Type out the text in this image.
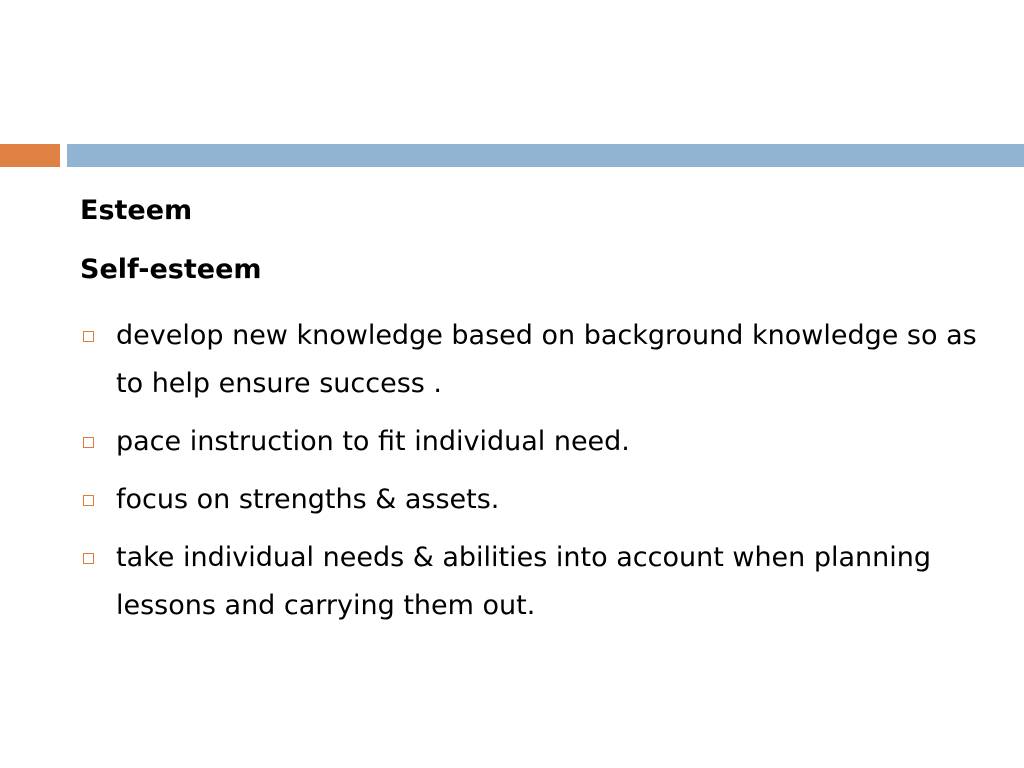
Esteem
Self-esteem
develop new knowledge based on background knowledge so as to help ensure success .
pace instruction to fit individual need.
focus on strengths & assets.
take individual needs & abilities into account when planning lessons and carrying them out.
